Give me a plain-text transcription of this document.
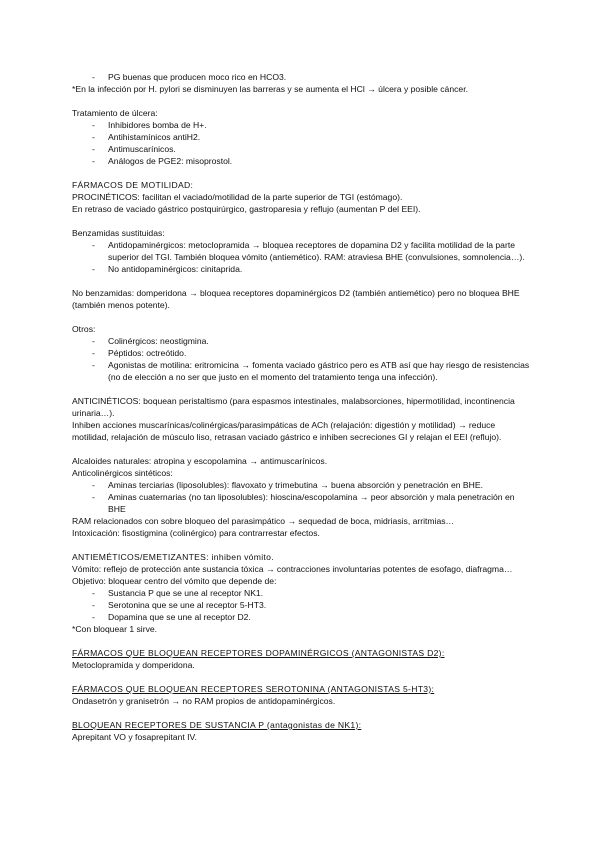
- PG buenas que producen moco rico en HCO3.

*En la infección por H. pylori se disminuyen las barreras y se aumenta el HCl → úlcera y posible cáncer.

Tratamiento de úlcera:

- Inhibidores bomba de H+.
- Antihistamínicos antiH2.
- Antimuscarínicos.
- Análogos de PGE2: misoprostol.

FÁRMACOS DE MOTILIDAD:

PROCINÉTICOS: facilitan el vaciado/motilidad de la parte superior de TGI (estómago).

En retraso de vaciado gástrico postquirúrgico, gastroparesia y reflujo (aumentan P del EEI).

Benzamidas sustituidas:

- Antidopaminérgicos: metoclopramida → bloquea receptores de dopamina D2 y facilita motilidad de la parte superior del TGI. También bloquea vómito (antiemético). RAM: atraviesa BHE (convulsiones, somnolencia…).
- No antidopaminérgicos: cinitaprida.

No benzamidas: domperidona → bloquea receptores dopaminérgicos D2 (también antiemético) pero no bloquea BHE (también menos potente).

Otros:

- Colinérgicos: neostigmina.
- Péptidos: octreótido.
- Agonistas de motilina: eritromicina → fomenta vaciado gástrico pero es ATB así que hay riesgo de resistencias (no de elección a no ser que justo en el momento del tratamiento tenga una infección).

ANTICINÉTICOS: boquean peristaltismo (para espasmos intestinales, malabsorciones, hipermotilidad, incontinencia urinaria…).

Inhiben acciones muscarínicas/colinérgicas/parasimpáticas de ACh (relajación: digestión y motilidad) → reduce motilidad, relajación de músculo liso, retrasan vaciado gástrico e inhiben secreciones GI y relajan el EEI (reflujo).

Alcaloides naturales: atropina y escopolamina → antimuscarínicos.

Anticolinérgicos sintéticos:

- Aminas terciarias (liposolubles): flavoxato y trimebutina → buena absorción y penetración en BHE.
- Aminas cuaternarias (no tan liposolubles): hioscina/escopolamina → peor absorción y mala penetración en BHE

RAM relacionados con sobre bloqueo del parasimpático → sequedad de boca, midriasis, arritmias…

Intoxicación: fisostigmina (colinérgico) para contrarrestar efectos.

ANTIEMÉTICOS/EMETIZANTES: inhiben vómito.

Vómito: reflejo de protección ante sustancia tóxica → contracciones involuntarias potentes de esofago, diafragma…

Objetivo: bloquear centro del vómito que depende de:

- Sustancia P que se une al receptor NK1.
- Serotonina que se une al receptor 5-HT3.
- Dopamina que se une al receptor D2.

*Con bloquear 1 sirve.

FÁRMACOS QUE BLOQUEAN RECEPTORES DOPAMINÉRGICOS (ANTAGONISTAS D2):

Metoclopramida y domperidona.

FÁRMACOS QUE BLOQUEAN RECEPTORES SEROTONINA (ANTAGONISTAS 5-HT3):

Ondasetrón y granisetrón → no RAM propios de antidopaminérgicos.

BLOQUEAN RECEPTORES DE SUSTANCIA P (antagonistas de NK1):

Aprepitant VO y fosaprepitant IV.
